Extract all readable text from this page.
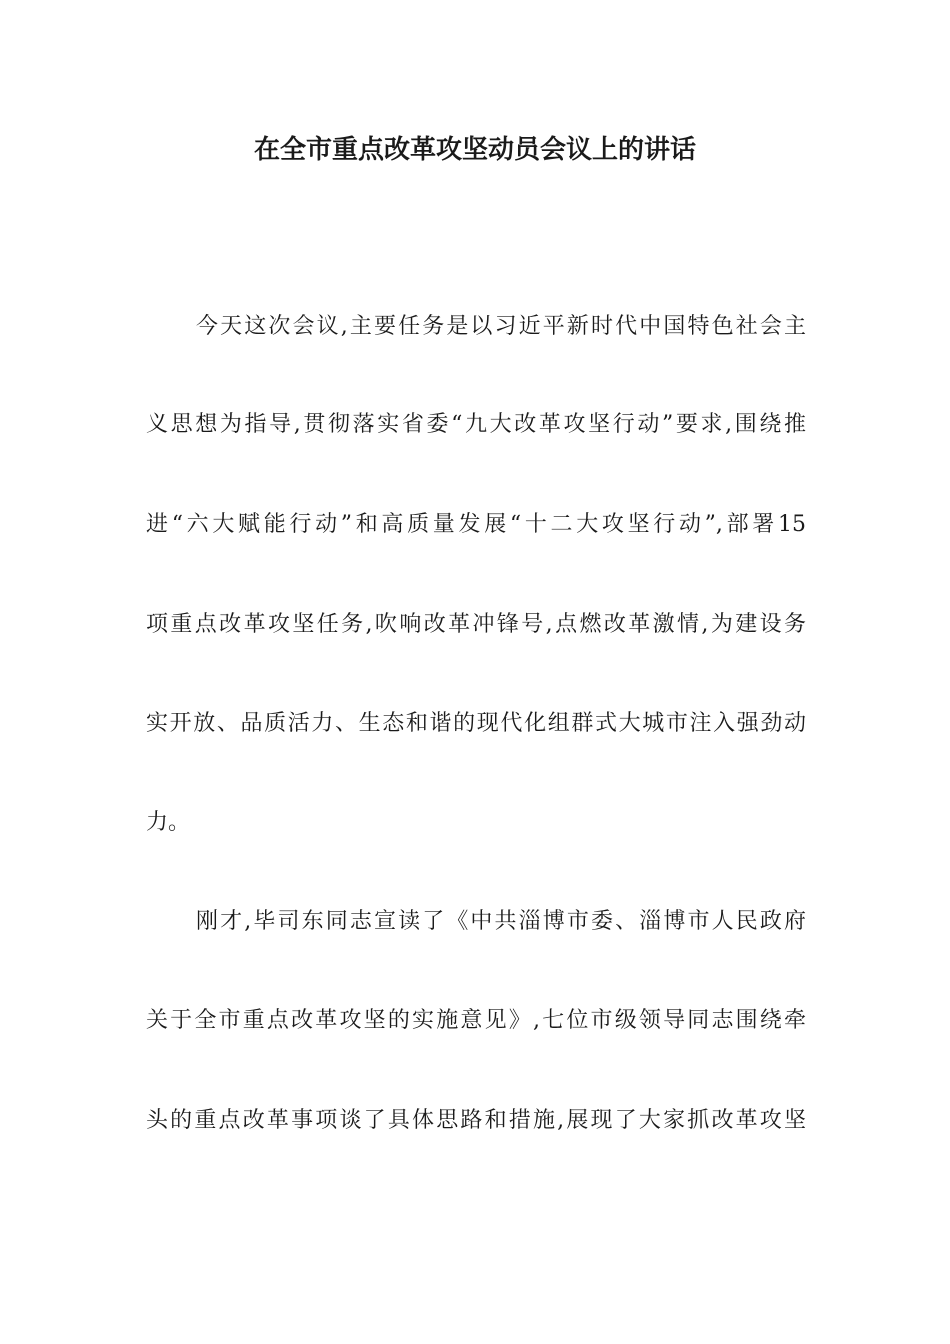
在全市重点改革攻坚动员会议上的讲话

今天这次会议,主要任务是以习近平新时代中国特色社会主

义思想为指导,贯彻落实省委“九大改革攻坚行动”要求,围绕推

进“六大赋能行动”和高质量发展“十二大攻坚行动”,部署15

项重点改革攻坚任务,吹响改革冲锋号,点燃改革激情,为建设务

实开放、品质活力、生态和谐的现代化组群式大城市注入强劲动

力。

刚才,毕司东同志宣读了《中共淄博市委、淄博市人民政府

关于全市重点改革攻坚的实施意见》,七位市级领导同志围绕牵

头的重点改革事项谈了具体思路和措施,展现了大家抓改革攻坚
